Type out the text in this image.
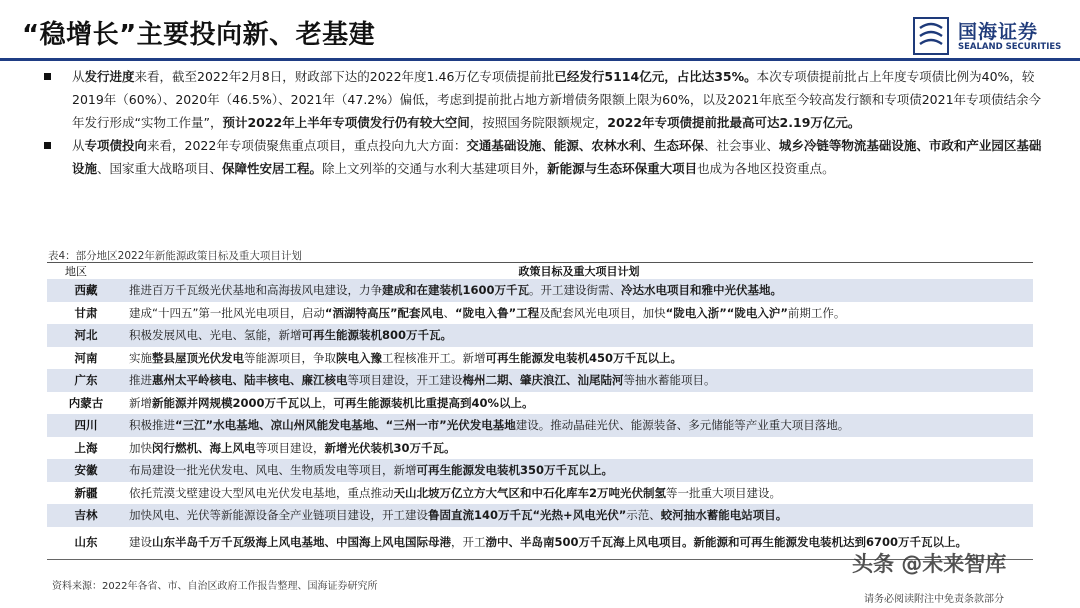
“稳增长”主要投向新、老基建	国海证券
SEALAND SECURITIES
从发行进度来看，截至2022年2月8日，财政部下达的2022年度1.46万亿专项债提前批已经发行5114亿元，占比达35%。本次专项债提前批占上年度专项债比例为40%，较2019年（60%）、2020年（46.5%）、2021年（47.2%）偏低，考虑到提前批占地方新增债务限额上限为60%，以及2021年底至今较高发行额和专项债2021年专项债结余今年发行形成“实物工作量”，预计2022年上半年专项债发行仍有较大空间，按照国务院限额规定，2022年专项债提前批最高可达2.19万亿元。
从专项债投向来看，2022年专项债聚焦重点项目，重点投向九大方面：交通基础设施、能源、农林水利、生态环保、社会事业、城乡冷链等物流基础设施、市政和产业园区基础设施、国家重大战略项目、保障性安居工程。除上文列举的交通与水利大基建项目外，新能源与生态环保重大项目也成为各地区投资重点。
表4：部分地区2022年新能源政策目标及重大项目计划
地区	政策目标及重大项目计划
西藏	推进百万千瓦级光伏基地和高海拔风电建设，力争建成和在建装机1600万千瓦。开工建设街需、冷达水电项目和雅中光伏基地。
甘肃	建成“十四五”第一批风光电项目，启动“酒湖特高压”配套风电、“陇电入鲁”工程及配套风光电项目，加快“陇电入浙”“陇电入沪”前期工作。
河北	积极发展风电、光电、氢能，新增可再生能源装机800万千瓦。
河南	实施整县屋顶光伏发电等能源项目，争取陕电入豫工程核准开工。新增可再生能源发电装机450万千瓦以上。
广东	推进惠州太平岭核电、陆丰核电、廉江核电等项目建设，开工建设梅州二期、肇庆浪江、汕尾陆河等抽水蓄能项目。
内蒙古	新增新能源并网规模2000万千瓦以上，可再生能源装机比重提高到40%以上。
四川	积极推进“三江”水电基地、凉山州风能发电基地、“三州一市”光伏发电基地建设。推动晶硅光伏、能源装备、多元储能等产业重大项目落地。
上海	加快闵行燃机、海上风电等项目建设，新增光伏装机30万千瓦。
安徽	布局建设一批光伏发电、风电、生物质发电等项目，新增可再生能源发电装机350万千瓦以上。
新疆	依托荒漠戈壁建设大型风电光伏发电基地，重点推动天山北坡万亿立方大气区和中石化库车2万吨光伏制氢等一批重大项目建设。
吉林	加快风电、光伏等新能源设备全产业链项目建设，开工建设鲁固直流140万千瓦“光热+风电光伏”示范、蛟河抽水蓄能电站项目。
山东	建设山东半岛千万千瓦级海上风电基地、中国海上风电国际母港，开工渤中、半岛南500万千瓦海上风电项目。新能源和可再生能源发电装机达到6700万千瓦以上。
资料来源：2022年各省、市、自治区政府工作报告整理、国海证券研究所
头条 @未来智库
请务必阅读附注中免责条款部分
